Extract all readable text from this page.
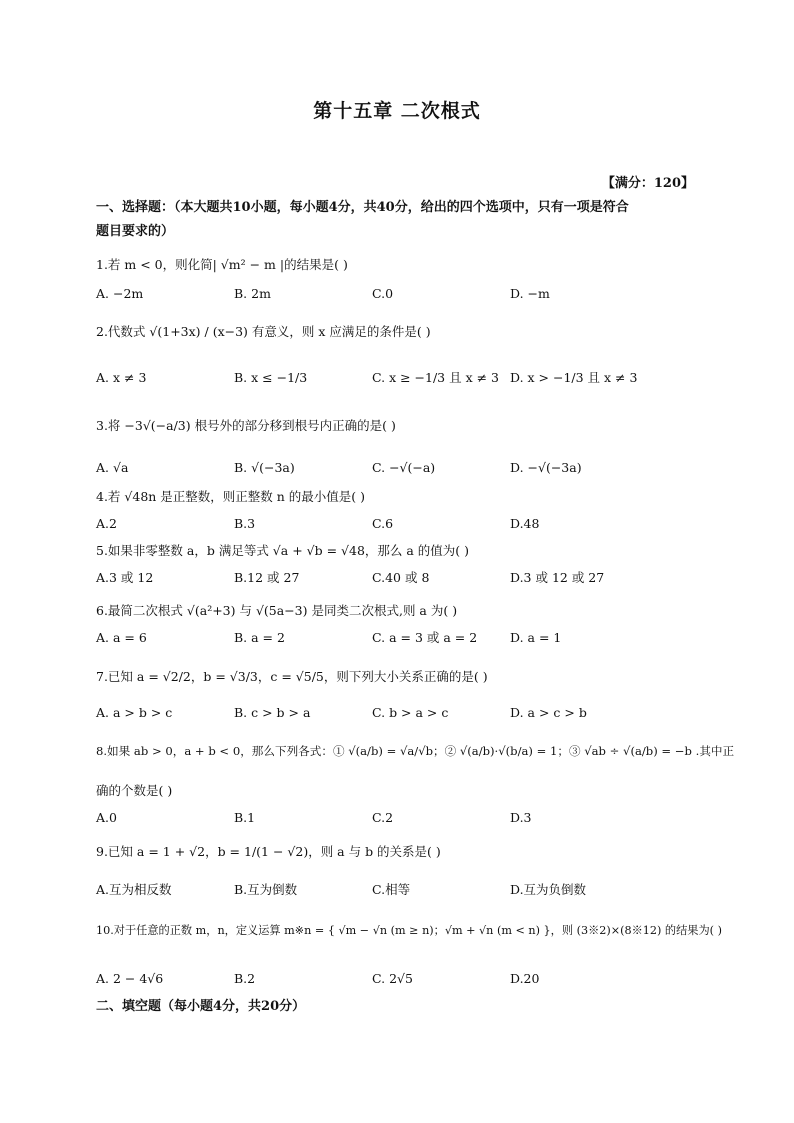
第十五章 二次根式
【满分：120】
一、选择题：（本大题共10小题，每小题4分，共40分，给出的四个选项中，只有一项是符合
题目要求的）
1.若 m < 0，则化简| √m² − m |的结果是( )
A. −2m	B. 2m	C.0	D. −m
2.代数式 √(1+3x) / (x−3) 有意义，则 x 应满足的条件是( )
A. x ≠ 3	B. x ≤ −1/3	C. x ≥ −1/3 且 x ≠ 3 D. x > −1/3 且 x ≠ 3
3.将 −3√(−a/3) 根号外的部分移到根号内正确的是( )
A. √a	B. √(−3a)	C. −√(−a)	D. −√(−3a)
4.若 √48n 是正整数，则正整数 n 的最小值是( )
A.2	B.3	C.6	D.48
5.如果非零整数 a，b 满足等式 √a + √b = √48，那么 a 的值为( )
A.3 或 12	B.12 或 27	C.40 或 8	D.3 或 12 或 27
6.最简二次根式 √(a²+3) 与 √(5a−3) 是同类二次根式,则 a 为( )
A. a = 6	B. a = 2	C. a = 3 或 a = 2	D. a = 1
7.已知 a = √2/2，b = √3/3，c = √5/5，则下列大小关系正确的是( )
A. a > b > c	B. c > b > a	C. b > a > c	D. a > c > b
8.如果 ab > 0，a + b < 0，那么下列各式：① √(a/b) = √a/√b；② √(a/b)·√(b/a) = 1；③ √ab ÷ √(a/b) = −b .其中正
确的个数是( )
A.0	B.1	C.2	D.3
9.已知 a = 1 + √2，b = 1/(1 − √2)，则 a 与 b 的关系是( )
A.互为相反数	B.互为倒数	C.相等	D.互为负倒数
10.对于任意的正数 m，n，定义运算 m※n = { √m − √n (m ≥ n)；√m + √n (m < n) }，则 (3※2)×(8※12) 的结果为( )
A. 2 − 4√6	B.2	C. 2√5	D.20
二、填空题（每小题4分，共20分）
